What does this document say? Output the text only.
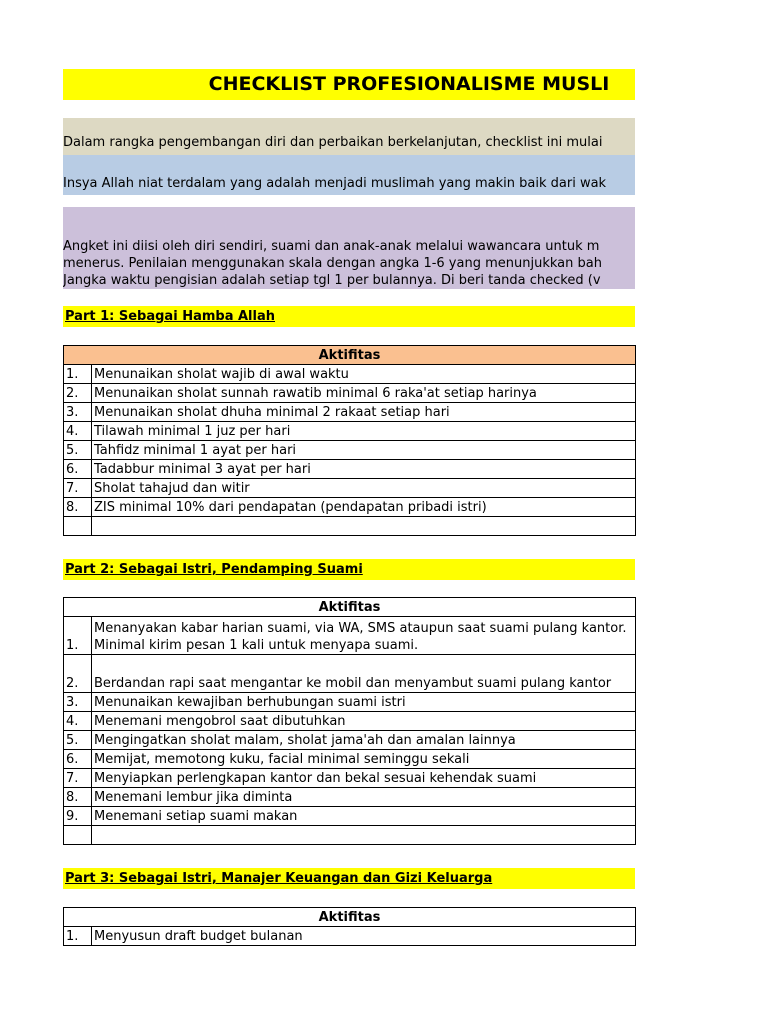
CHECKLIST PROFESIONALISME MUSLI
Dalam rangka pengembangan diri dan perbaikan berkelanjutan, checklist ini mulai
Insya Allah niat terdalam yang adalah menjadi muslimah yang makin baik dari wak
Angket ini diisi oleh diri sendiri, suami dan anak-anak melalui wawancara untuk m
menerus. Penilaian menggunakan skala dengan angka 1-6 yang menunjukkan bah
Jangka waktu pengisian adalah setiap tgl 1 per bulannya. Di beri tanda checked (v
Part 1: Sebagai Hamba Allah
Aktifitas	
1.	Menunaikan sholat wajib di awal waktu
2.	Menunaikan sholat sunnah rawatib minimal 6 raka'at setiap harinya
3.	Menunaikan sholat dhuha minimal 2 rakaat setiap hari
4.	Tilawah minimal 1 juz per hari
5.	Tahfidz minimal 1 ayat per hari
6.	Tadabbur minimal 3 ayat per hari
7.	Sholat tahajud dan witir
8.	ZIS minimal 10% dari pendapatan (pendapatan pribadi istri)

Part 2: Sebagai Istri, Pendamping Suami
Aktifitas	
1.	Menanyakan kabar harian suami, via WA, SMS ataupun saat suami pulang kantor. Minimal kirim pesan 1 kali untuk menyapa suami.
2.	Berdandan rapi saat mengantar ke mobil dan menyambut suami pulang kantor
3.	Menunaikan kewajiban berhubungan suami istri
4.	Menemani mengobrol saat dibutuhkan
5.	Mengingatkan sholat malam, sholat jama'ah dan amalan lainnya
6.	Memijat, memotong kuku, facial minimal seminggu sekali
7.	Menyiapkan perlengkapan kantor dan bekal sesuai kehendak suami
8.	Menemani lembur jika diminta
9.	Menemani setiap suami makan

Part 3: Sebagai Istri, Manajer Keuangan dan Gizi Keluarga
Aktifitas
1.	Menyusun draft budget bulanan
